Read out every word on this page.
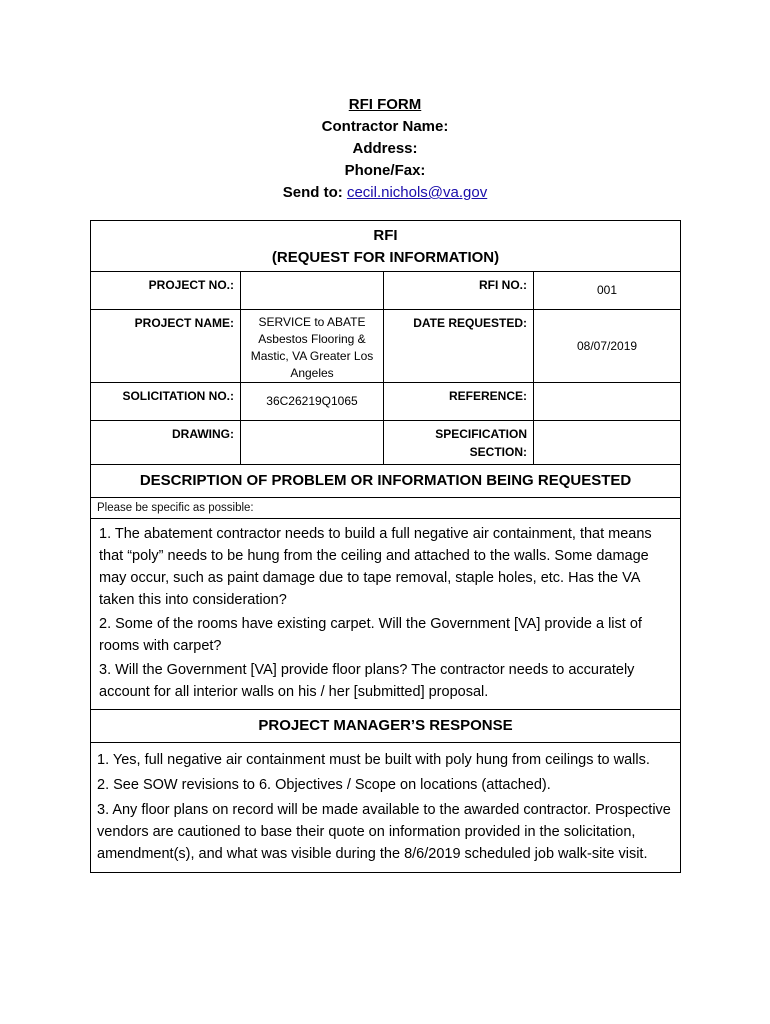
RFI FORM
Contractor Name:
Address:
Phone/Fax:
Send to: cecil.nichols@va.gov
RFI
(REQUEST FOR INFORMATION)			

PROJECT NO.:		RFI NO.:	001
PROJECT NAME:	SERVICE to ABATE Asbestos Flooring & Mastic, VA Greater Los Angeles	DATE REQUESTED:	08/07/2019
SOLICITATION NO.:	36C26219Q1065	REFERENCE:	
DRAWING:		SPECIFICATION SECTION:	
DESCRIPTION OF PROBLEM OR INFORMATION BEING REQUESTED			
Please be specific as possible:			

1. The abatement contractor needs to build a full negative air containment, that means that “poly” needs to be hung from the ceiling and attached to the walls. Some damage may occur, such as paint damage due to tape removal, staple holes, etc. Has the VA taken this into consideration?

2. Some of the rooms have existing carpet. Will the Government [VA] provide a list of rooms with carpet?

3. Will the Government [VA] provide floor plans? The contractor needs to accurately account for all interior walls on his / her [submitted] proposal.			

PROJECT MANAGER’S RESPONSE			

1. Yes, full negative air containment must be built with poly hung from ceilings to walls.

2. See SOW revisions to 6. Objectives / Scope on locations (attached).

3. Any floor plans on record will be made available to the awarded contractor. Prospective vendors are cautioned to base their quote on information provided in the solicitation, amendment(s), and what was visible during the 8/6/2019 scheduled job walk-site visit.			
